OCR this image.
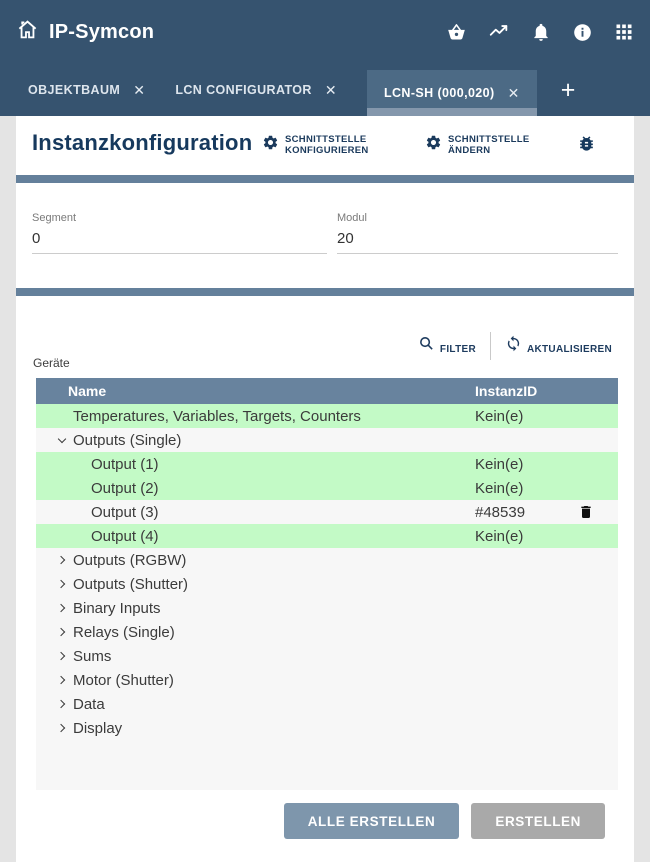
IP-Symcon
OBJEKTBAUM ✕ LCN CONFIGURATOR ✕	LCN-SH (000,020) ✕ +
Instanzkonfiguration	SCHNITTSTELLE
KONFIGURIEREN
SCHNITTSTELLE
ÄNDERN
Segment
0	Modul
20
FILTER	AKTUALISIEREN
Geräte
Name	InstanzID
Temperatures, Variables, Targets, Counters	Kein(e)
Outputs (Single)
Output (1)	Kein(e)
Output (2)	Kein(e)
Output (3)	#48539
Output (4)	Kein(e)
Outputs (RGBW)
Outputs (Shutter)
Binary Inputs
Relays (Single)
Sums
Motor (Shutter)
Data
Display
ALLE ERSTELLEN	ERSTELLEN
